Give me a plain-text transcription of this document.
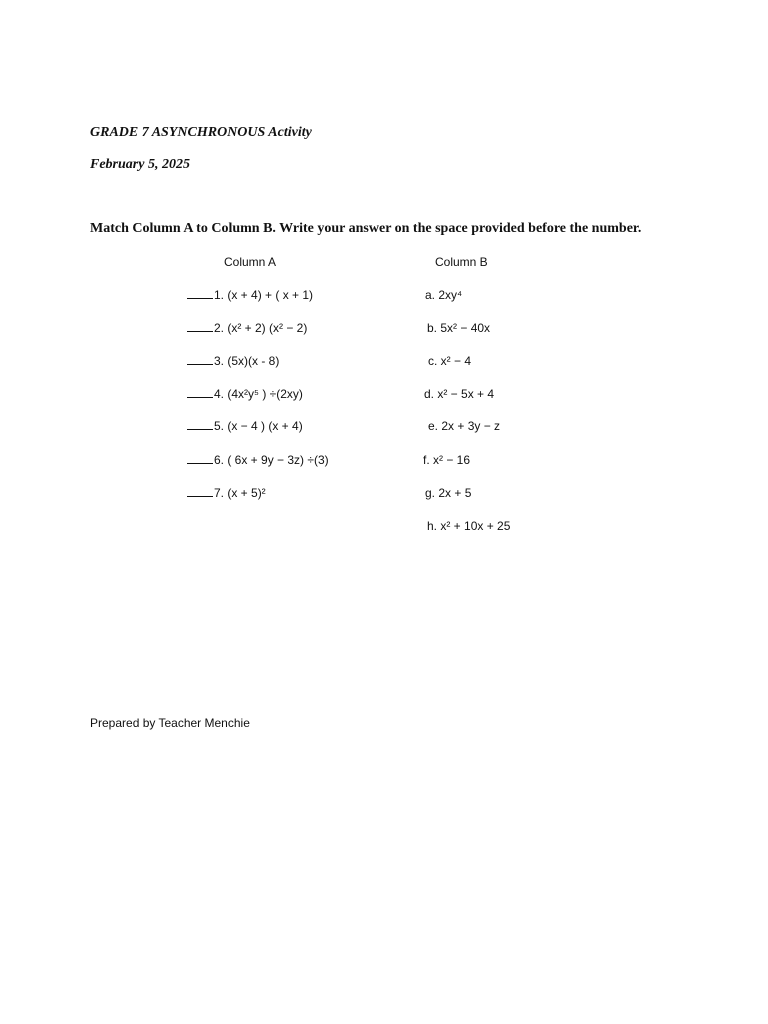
GRADE 7 ASYNCHRONOUS Activity
February 5, 2025
Match Column A to Column B. Write your answer on the space provided before the number.
Column A	Column B
1. (x + 4) + ( x + 1)
2. (x² + 2) (x² − 2)
3. (5x)(x - 8)
4. (4x²y⁵ ) ÷(2xy)
5. (x − 4 ) (x + 4)
6. ( 6x + 9y − 3z) ÷(3)
7. (x + 5)²
a. 2xy⁴
b. 5x² − 40x
c. x² − 4
d. x² − 5x + 4
e. 2x + 3y − z
f. x² − 16
g. 2x + 5
h. x² + 10x + 25
Prepared by Teacher Menchie
